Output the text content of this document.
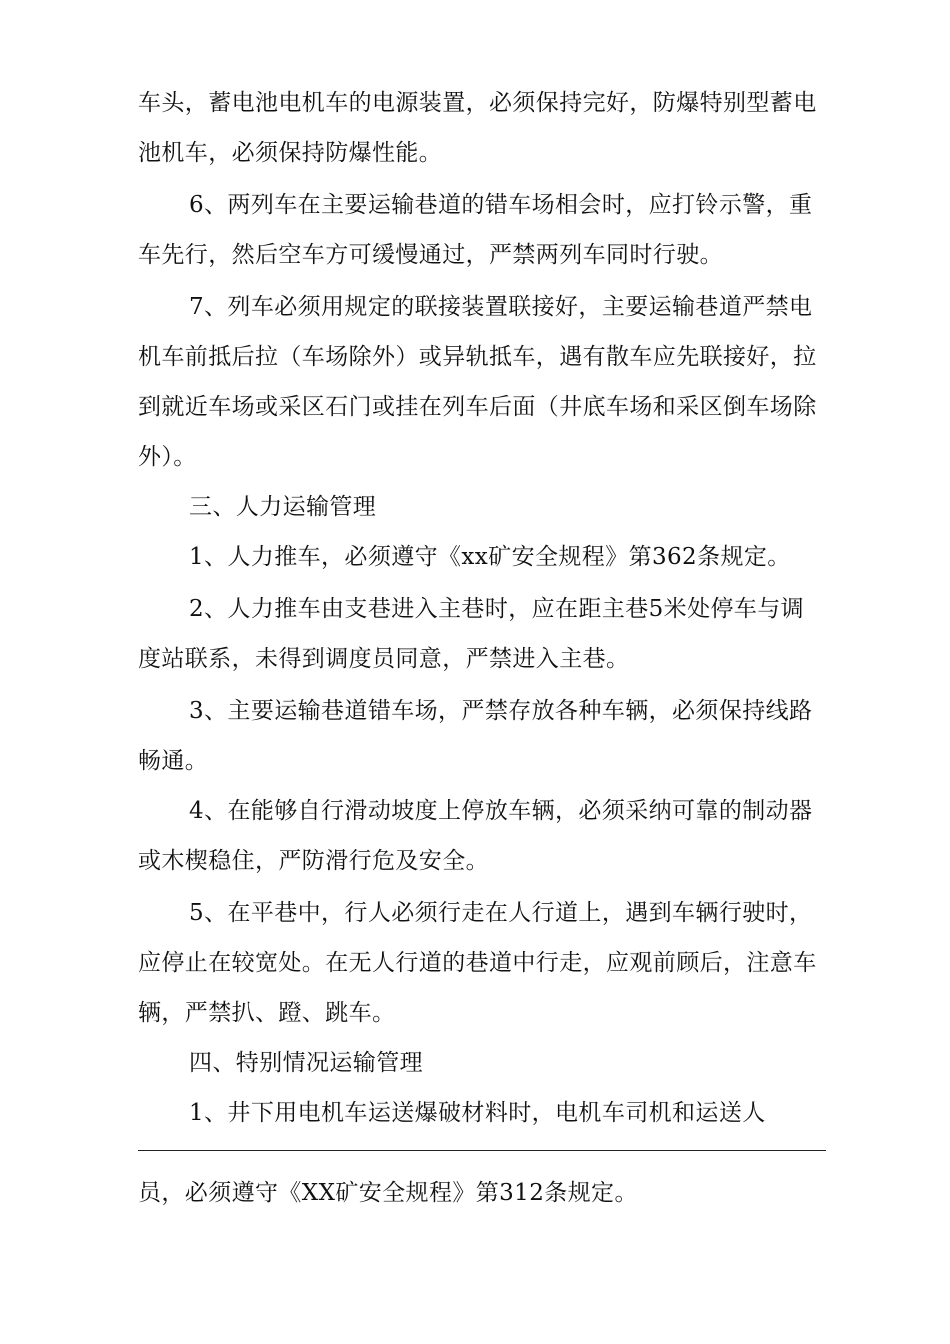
车头，蓄电池电机车的电源装置，必须保持完好，防爆特别型蓄电
池机车，必须保持防爆性能。
6、两列车在主要运输巷道的错车场相会时，应打铃示警，重
车先行，然后空车方可缓慢通过，严禁两列车同时行驶。
7、列车必须用规定的联接装置联接好，主要运输巷道严禁电
机车前抵后拉（车场除外）或异轨抵车，遇有散车应先联接好，拉
到就近车场或采区石门或挂在列车后面（井底车场和采区倒车场除
外）。
三、人力运输管理
1、人力推车，必须遵守《xx矿安全规程》第362条规定。
2、人力推车由支巷进入主巷时，应在距主巷5米处停车与调
度站联系，未得到调度员同意，严禁进入主巷。
3、主要运输巷道错车场，严禁存放各种车辆，必须保持线路
畅通。
4、在能够自行滑动坡度上停放车辆，必须采纳可靠的制动器
或木楔稳住，严防滑行危及安全。
5、在平巷中，行人必须行走在人行道上，遇到车辆行驶时，
应停止在较宽处。在无人行道的巷道中行走，应观前顾后，注意车
辆，严禁扒、蹬、跳车。
四、特别情况运输管理
1、井下用电机车运送爆破材料时，电机车司机和运送人
员，必须遵守《XX矿安全规程》第312条规定。
